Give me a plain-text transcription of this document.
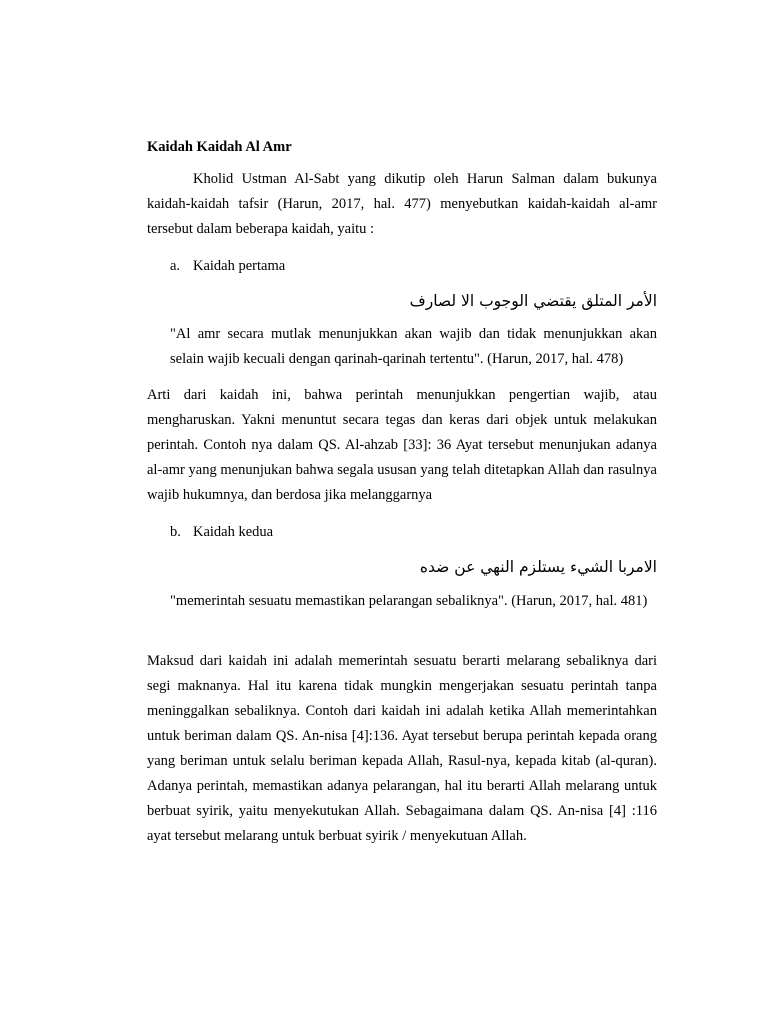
Kaidah Kaidah Al Amr

Kholid Ustman Al-Sabt yang dikutip oleh Harun Salman dalam bukunya kaidah-kaidah tafsir (Harun, 2017, hal. 477) menyebutkan kaidah-kaidah al-amr tersebut dalam beberapa kaidah, yaitu :

a. Kaidah pertama

الأمر المتلق يقتضي الوجوب الا لصارف

"Al amr secara mutlak menunjukkan akan wajib dan tidak menunjukkan akan selain wajib kecuali dengan qarinah-qarinah tertentu". (Harun, 2017, hal. 478)

Arti dari kaidah ini, bahwa perintah menunjukkan pengertian wajib, atau mengharuskan. Yakni menuntut secara tegas dan keras dari objek untuk melakukan perintah. Contoh nya dalam QS. Al-ahzab [33]: 36 Ayat tersebut menunjukan adanya al-amr yang menunjukan bahwa segala ususan yang telah ditetapkan Allah dan rasulnya wajib hukumnya, dan berdosa jika melanggarnya

b. Kaidah kedua

الامربا الشيء يستلزم النهي عن ضده

"memerintah sesuatu memastikan pelarangan sebaliknya". (Harun, 2017, hal. 481)

Maksud dari kaidah ini adalah memerintah sesuatu berarti melarang sebaliknya dari segi maknanya. Hal itu karena tidak mungkin mengerjakan sesuatu perintah tanpa meninggalkan sebaliknya. Contoh dari kaidah ini adalah ketika Allah memerintahkan untuk beriman dalam QS. An-nisa [4]:136. Ayat tersebut berupa perintah kepada orang yang beriman untuk selalu beriman kepada Allah, Rasul-nya, kepada kitab (al-quran). Adanya perintah, memastikan adanya pelarangan, hal itu berarti Allah melarang untuk berbuat syirik, yaitu menyekutukan Allah. Sebagaimana dalam QS. An-nisa [4] :116 ayat tersebut melarang untuk berbuat syirik / menyekutuan Allah.
